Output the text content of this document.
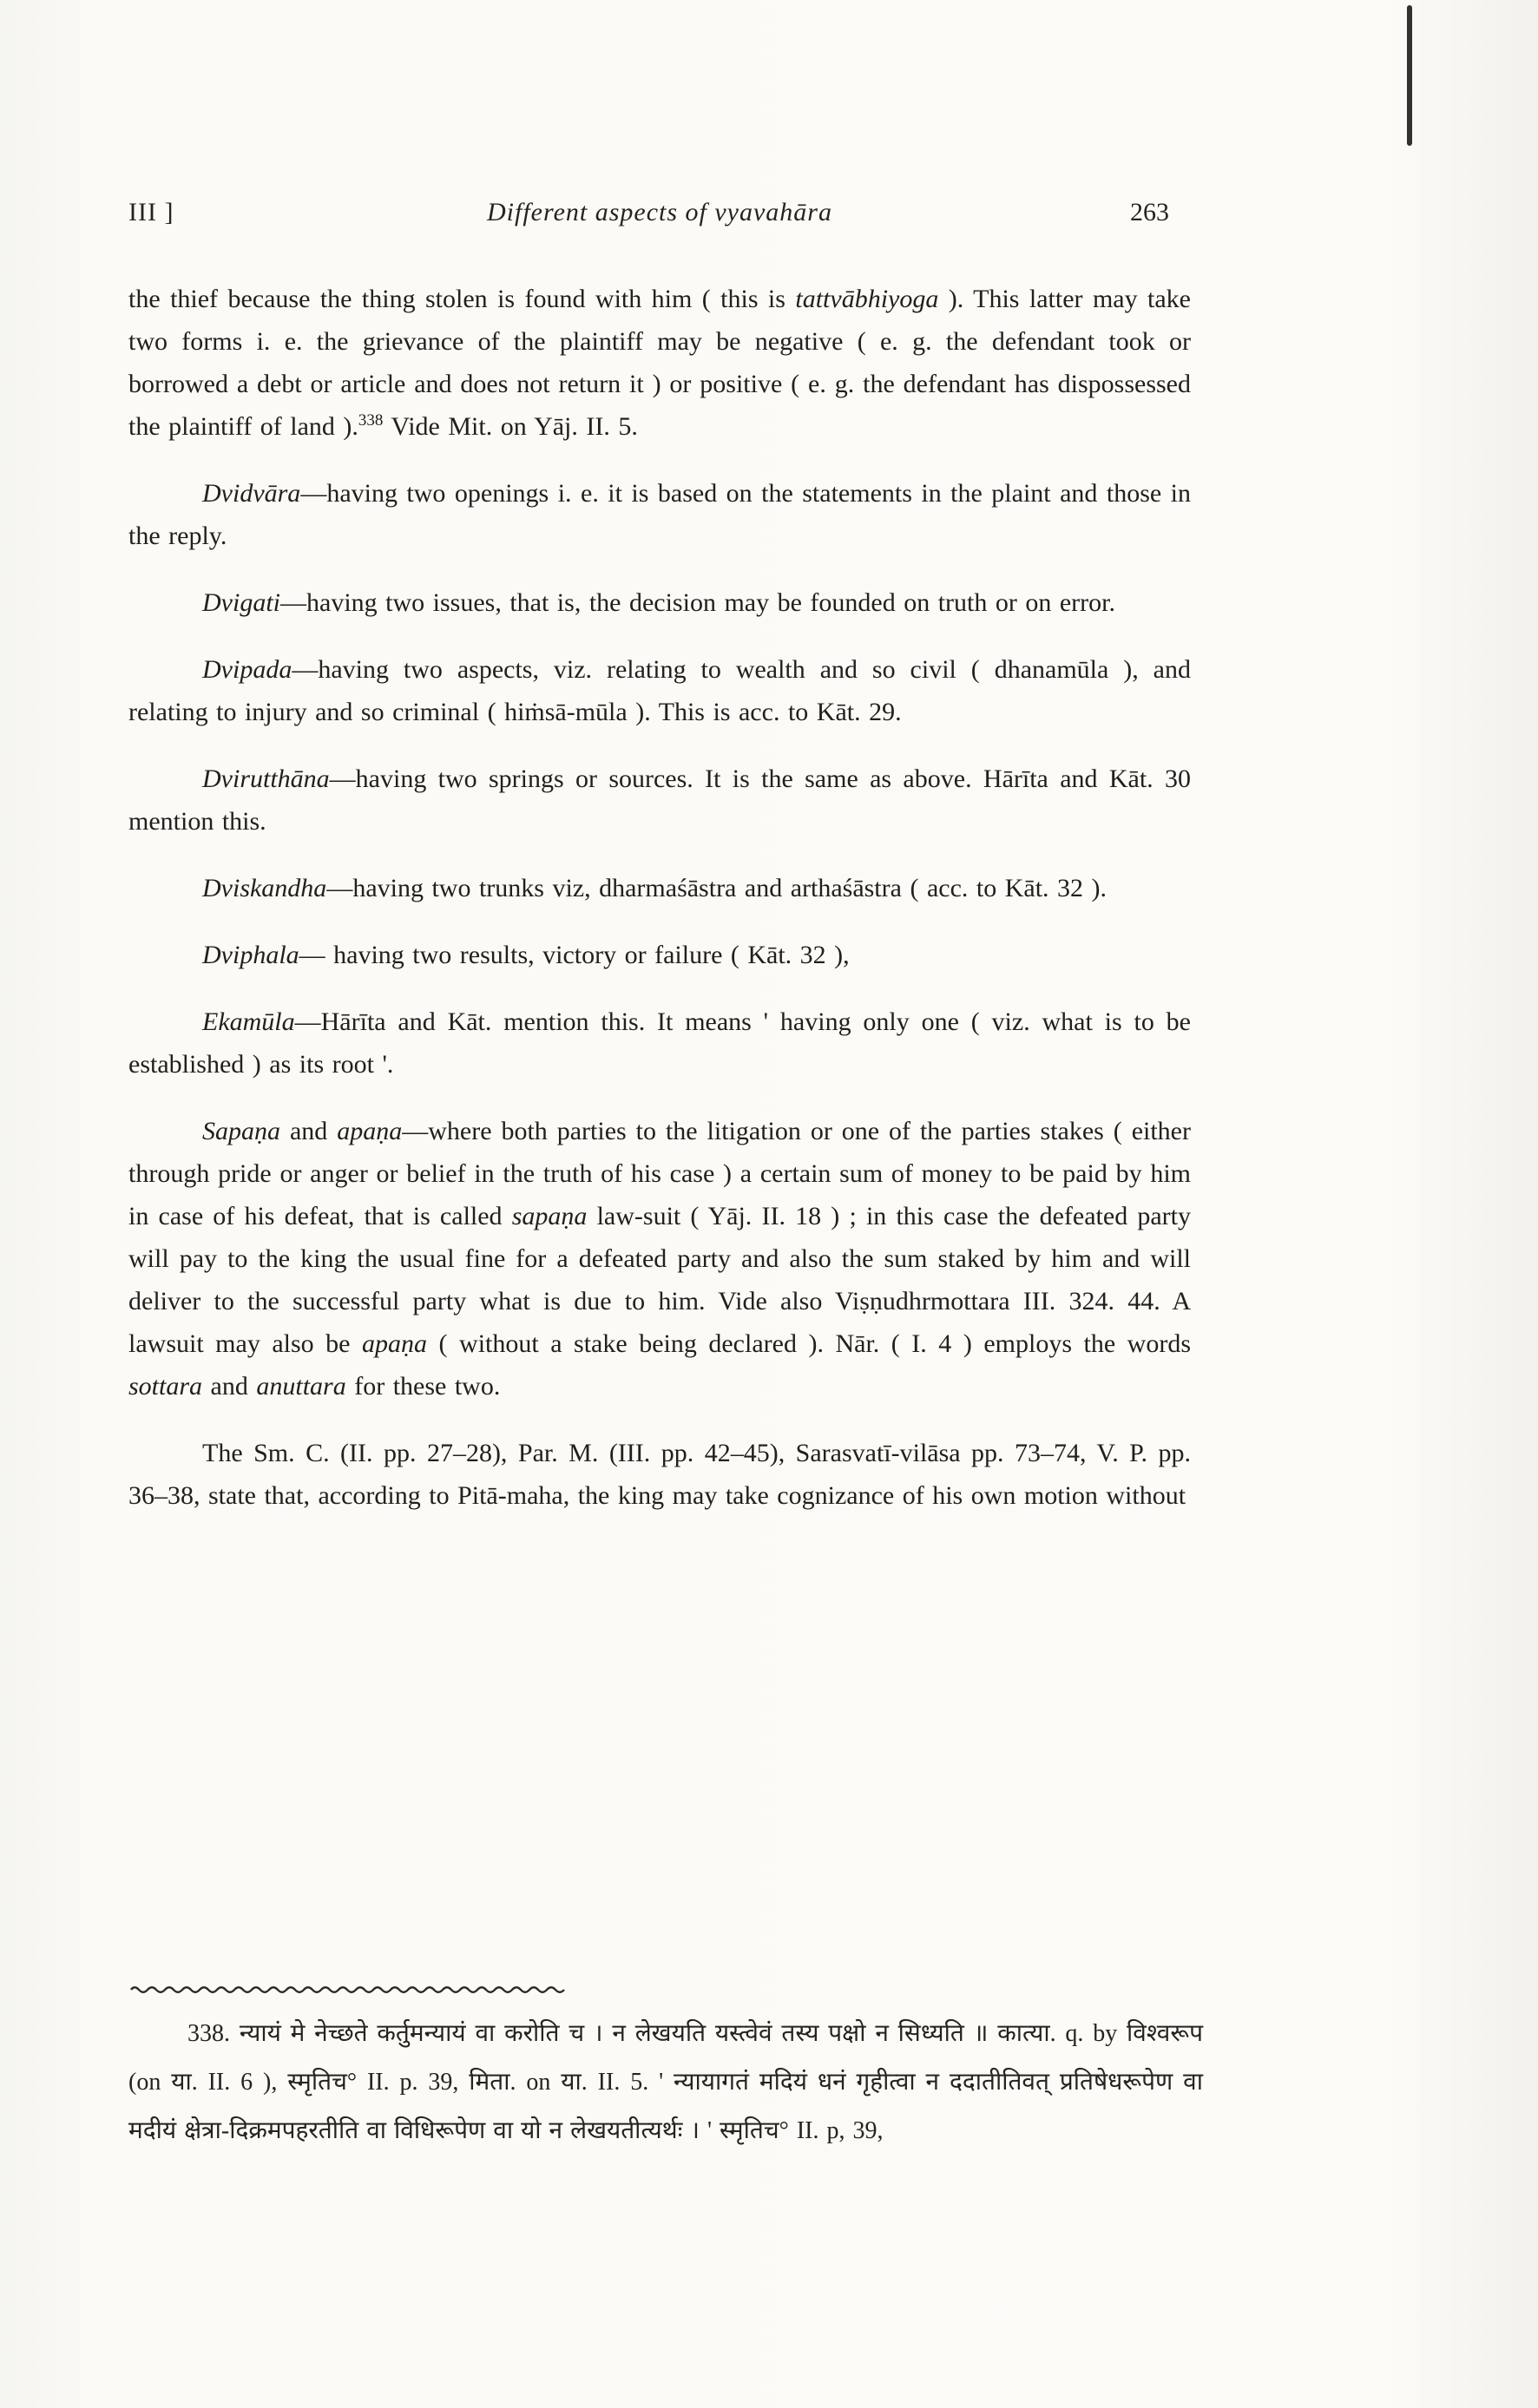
III ]	Different aspects of vyavahāra	263

the thief because the thing stolen is found with him ( this is tattvābhiyoga ). This latter may take two forms i. e. the grievance of the plaintiff may be negative ( e. g. the defendant took or borrowed a debt or article and does not return it ) or positive ( e. g. the defendant has dispossessed the plaintiff of land ).$^{338}$ Vide Mit. on Yāj. II. 5.

Dvidvāra—having two openings i. e. it is based on the statements in the plaint and those in the reply.

Dvigati—having two issues, that is, the decision may be founded on truth or on error.

Dvipada—having two aspects, viz. relating to wealth and so civil ( dhanamūla ), and relating to injury and so criminal ( hiṁsā-mūla ). This is acc. to Kāt. 29.

Dvirutthāna—having two springs or sources. It is the same as above. Hārīta and Kāt. 30 mention this.

Dviskandha—having two trunks viz, dharmaśāstra and arthaśāstra ( acc. to Kāt. 32 ).

Dviphala— having two results, victory or failure ( Kāt. 32 ),

Ekamūla—Hārīta and Kāt. mention this. It means ' having only one ( viz. what is to be established ) as its root '.

Sapaṇa and apaṇa—where both parties to the litigation or one of the parties stakes ( either through pride or anger or belief in the truth of his case ) a certain sum of money to be paid by him in case of his defeat, that is called sapaṇa law-suit ( Yāj. II. 18 ) ; in this case the defeated party will pay to the king the usual fine for a defeated party and also the sum staked by him and will deliver to the successful party what is due to him. Vide also Viṣṇudhrmottara III. 324. 44. A lawsuit may also be apaṇa ( without a stake being declared ). Nār. ( I. 4 ) employs the words sottara and anuttara for these two.

The Sm. C. (II. pp. 27–28), Par. M. (III. pp. 42–45), Sarasvatī-vilāsa pp. 73–74, V. P. pp. 36–38, state that, according to Pitā-maha, the king may take cognizance of his own motion without

338. न्यायं मे नेच्छते कर्तुमन्यायं वा करोति च । न लेखयति यस्त्वेवं तस्य पक्षो न सिध्यति ॥ कात्या. q. by विश्वरूप (on या. II. 6 ), स्मृतिच° II. p. 39, मिता. on या. II. 5. ' न्यायागतं मदियं धनं गृहीत्वा न ददातीतिवत् प्रतिषेधरूपेण वा मदीयं क्षेत्रा-दिक्रमपहरतीति वा विधिरूपेण वा यो न लेखयतीत्यर्थः । ' स्मृतिच° II. p, 39,
